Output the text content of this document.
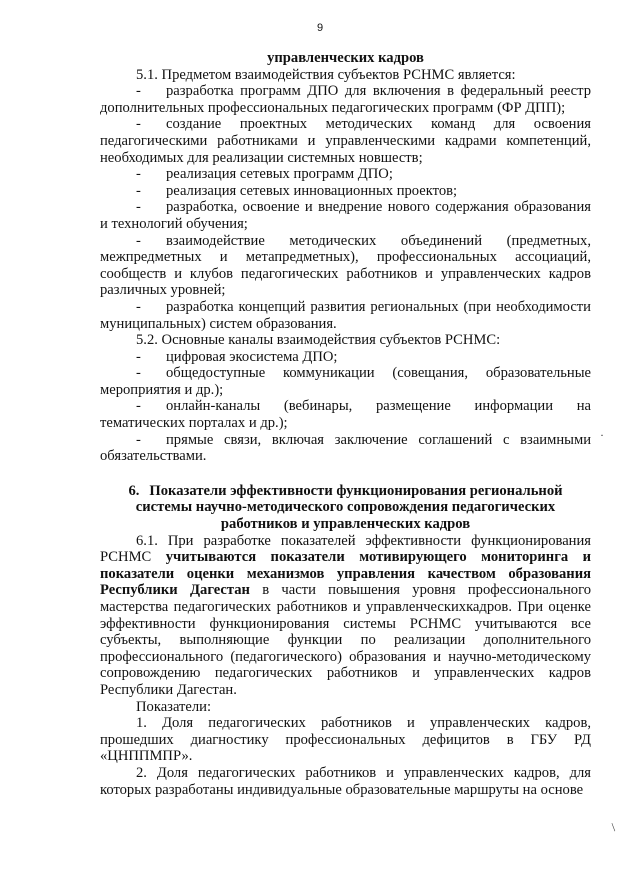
9

управленческих кадров

5.1. Предметом взаимодействия субъектов РСНМС является:

- разработка программ ДПО для включения в федеральный реестр дополнительных профессиональных педагогических программ (ФР ДПП);

- создание проектных методических команд для освоения педагогическими работниками и управленческими кадрами компетенций, необходимых для реализации системных новшеств;

- реализация сетевых программ ДПО;

- реализация сетевых инновационных проектов;

- разработка, освоение и внедрение нового содержания образования и технологий обучения;

- взаимодействие методических объединений (предметных, межпредметных и метапредметных), профессиональных ассоциаций, сообществ и клубов педагогических работников и управленческих кадров различных уровней;

- разработка концепций развития региональных (при необходимости муниципальных) систем образования.

5.2. Основные каналы взаимодействия субъектов РСНМС:

- цифровая экосистема ДПО;

- общедоступные коммуникации (совещания, образовательные мероприятия и др.);

- онлайн-каналы (вебинары, размещение информации на тематических порталах и др.);

- прямые связи, включая заключение соглашений с взаимными обязательствами.

6. Показатели эффективности функционирования региональной системы научно-методического сопровождения педагогических работников и управленческих кадров

6.1. При разработке показателей эффективности функционирования РСНМС учитываются показатели мотивирующего мониторинга и показатели оценки механизмов управления качеством образования Республики Дагестан в части повышения уровня профессионального мастерства педагогических работников и управленческихкадров. При оценке эффективности функционирования системы РСНМС учитываются все субъекты, выполняющие функции по реализации дополнительного профессионального (педагогического) образования и научно-методическому сопровождению педагогических работников и управленческих кадров Республики Дагестан.

Показатели:

1. Доля педагогических работников и управленческих кадров, прошедших диагностику профессиональных дефицитов в ГБУ РД «ЦНППМПР».

2. Доля педагогических работников и управленческих кадров, для которых разработаны индивидуальные образовательные маршруты на основе

·
/
